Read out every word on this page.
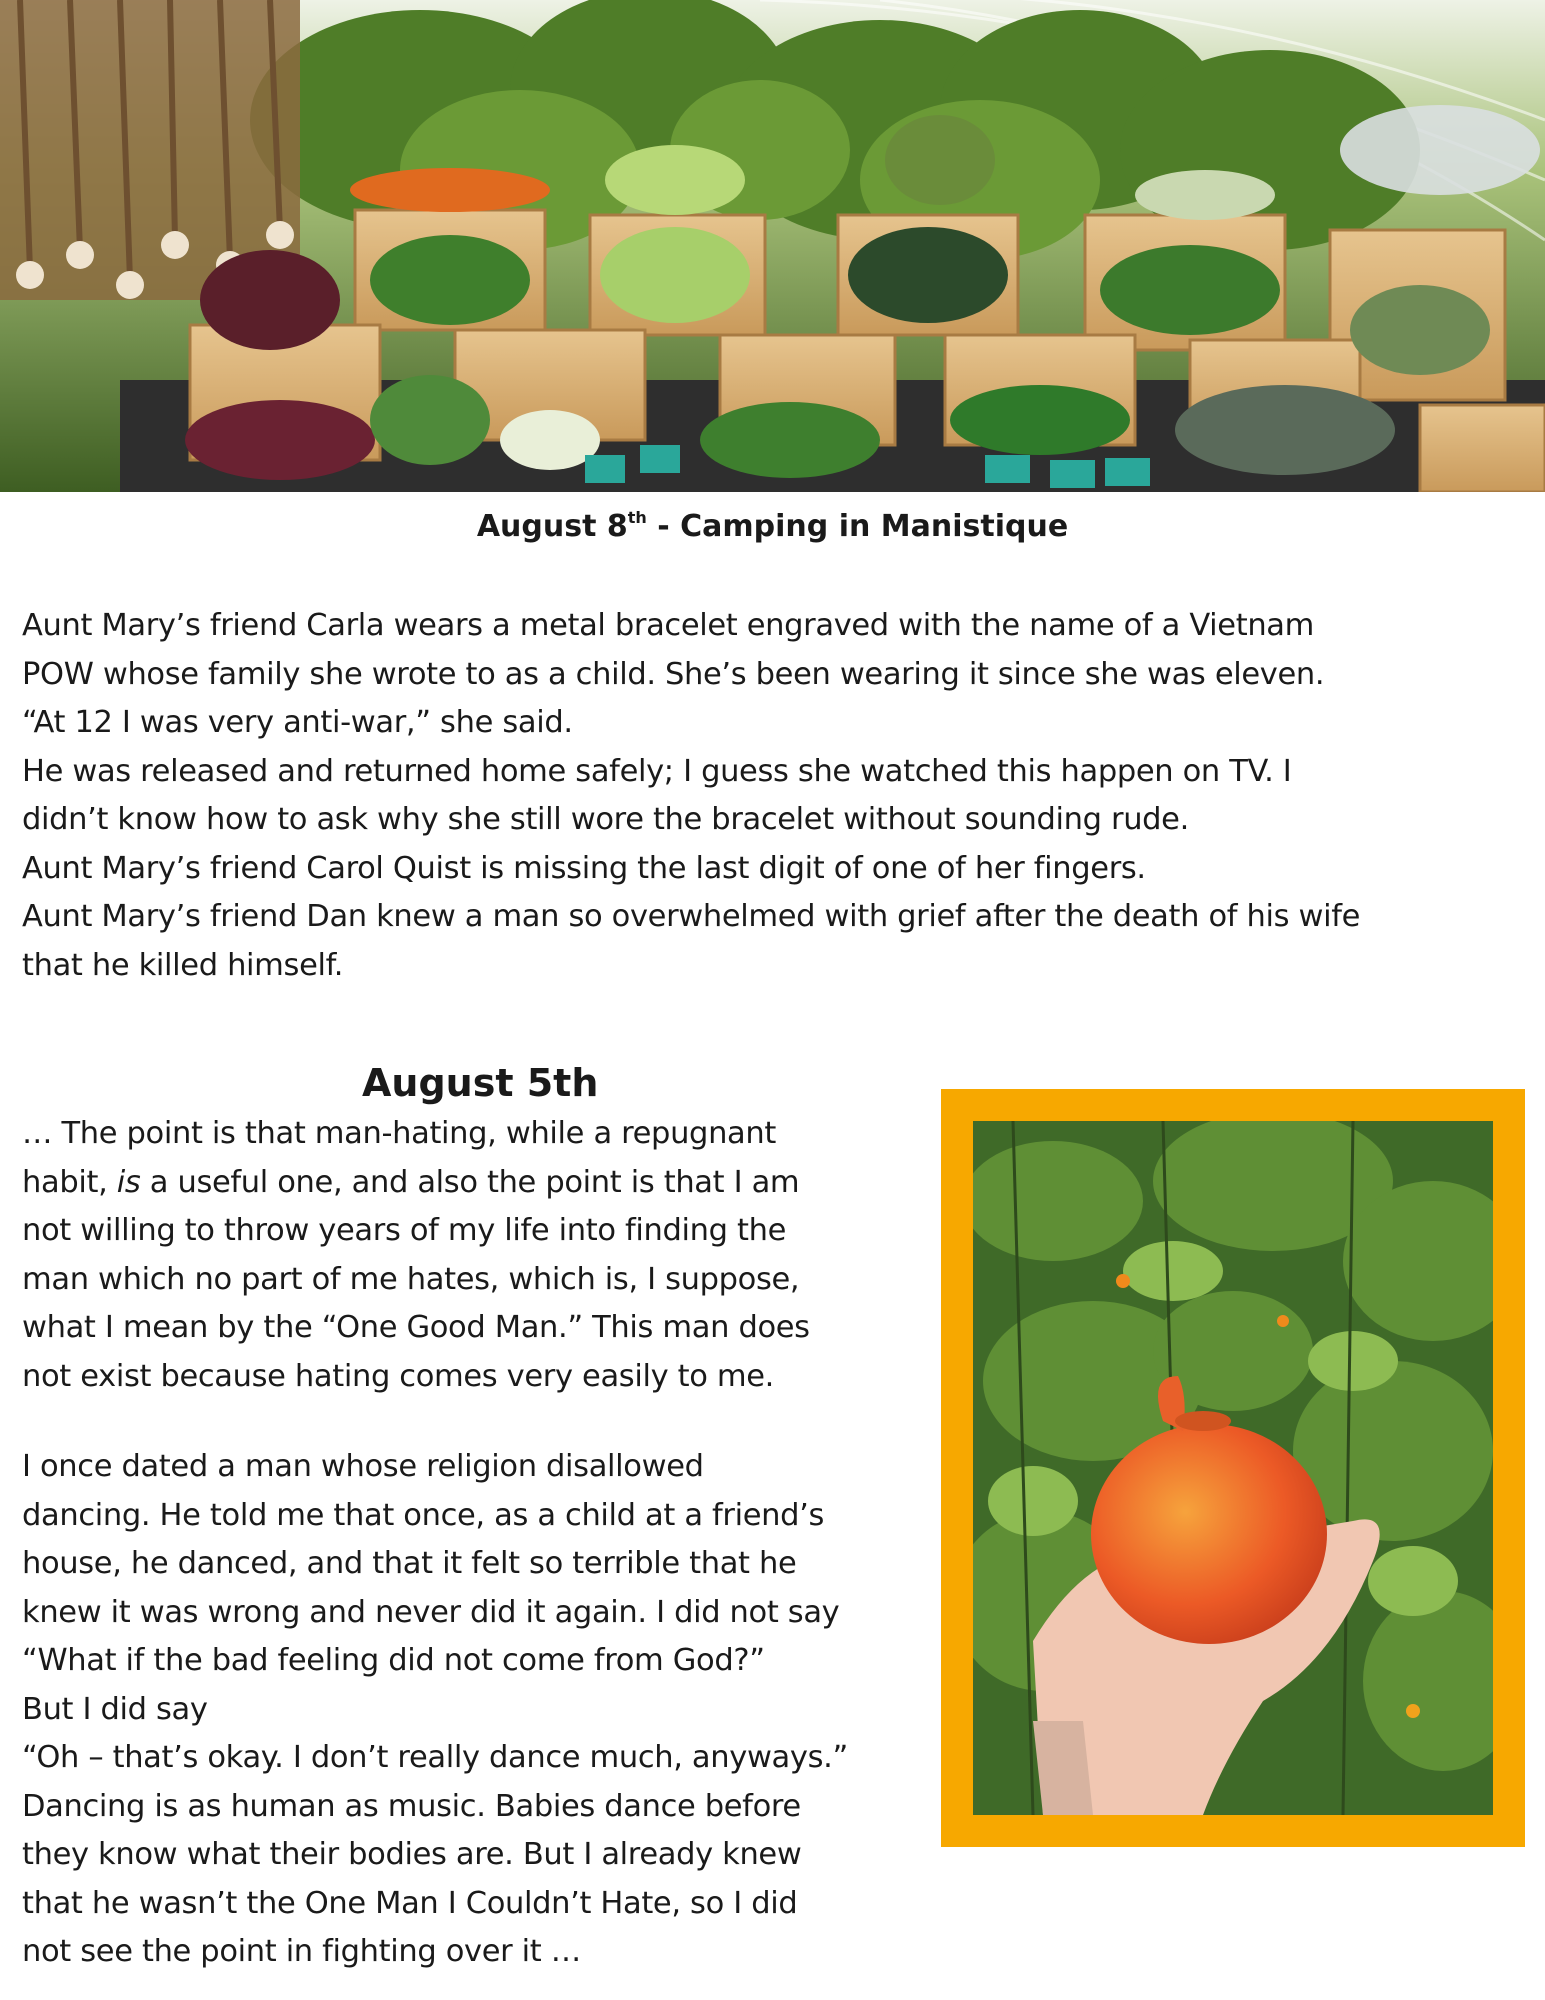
August 8th - Camping in Manistique
Aunt Mary’s friend Carla wears a metal bracelet engraved with the name of a Vietnam
POW whose family she wrote to as a child. She’s been wearing it since she was eleven.
“At 12 I was very anti-war,” she said.
He was released and returned home safely; I guess she watched this happen on TV. I
didn’t know how to ask why she still wore the bracelet without sounding rude.
Aunt Mary’s friend Carol Quist is missing the last digit of one of her fingers.
Aunt Mary’s friend Dan knew a man so overwhelmed with grief after the death of his wife
that he killed himself.
August 5th
… The point is that man-hating, while a repugnant
habit, is a useful one, and also the point is that I am
not willing to throw years of my life into finding the
man which no part of me hates, which is, I suppose,
what I mean by the “One Good Man.” This man does
not exist because hating comes very easily to me.
I once dated a man whose religion disallowed
dancing. He told me that once, as a child at a friend’s
house, he danced, and that it felt so terrible that he
knew it was wrong and never did it again. I did not say
“What if the bad feeling did not come from God?”
But I did say
“Oh – that’s okay. I don’t really dance much, anyways.”
Dancing is as human as music. Babies dance before
they know what their bodies are. But I already knew
that he wasn’t the One Man I Couldn’t Hate, so I did
not see the point in fighting over it …
